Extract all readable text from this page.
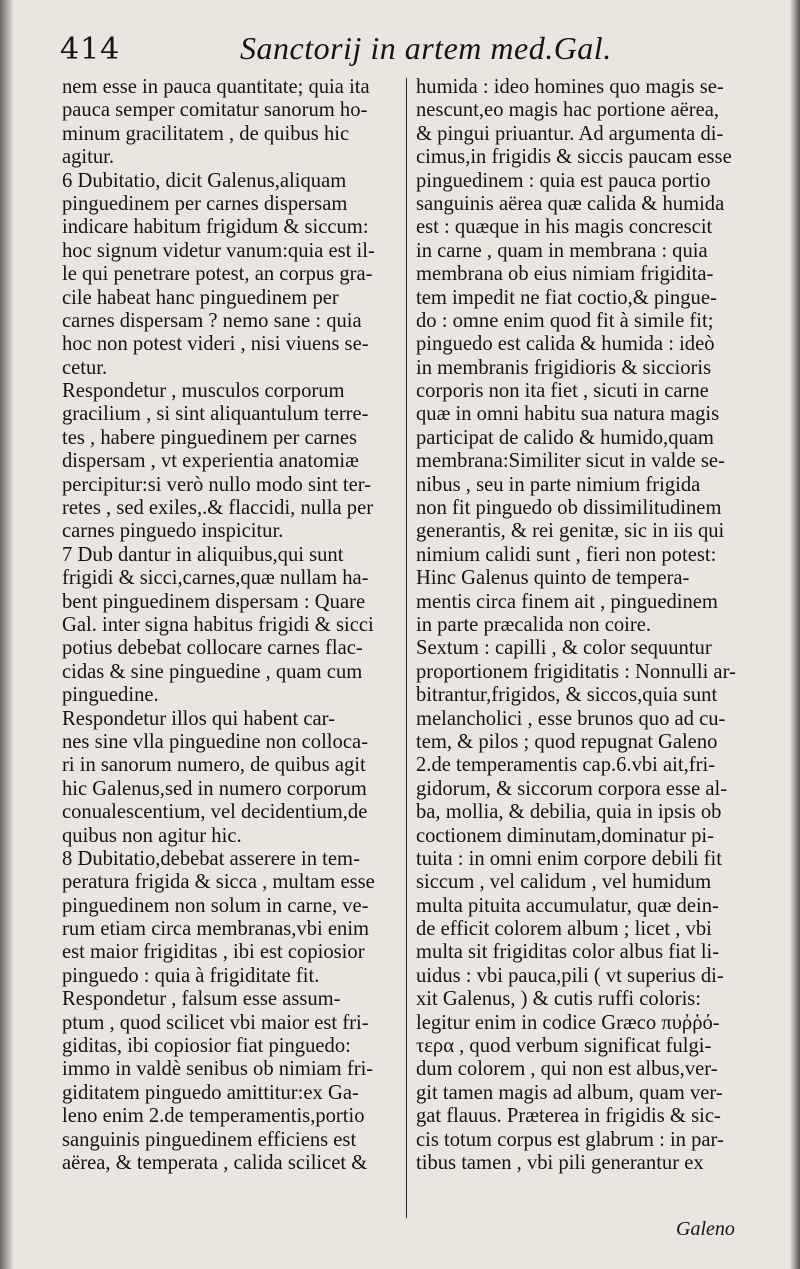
414	Sanctorij in artem med.Gal.
nem esse in pauca quantitate; quia ita
pauca semper comitatur sanorum ho-
minum gracilitatem , de quibus hic
agitur.
6 Dubitatio, dicit Galenus,aliquam
pinguedinem per carnes dispersam
indicare habitum frigidum & siccum:
hoc signum videtur vanum:quia est il-
le qui penetrare potest, an corpus gra-
cile habeat hanc pinguedinem per
carnes dispersam ? nemo sane : quia
hoc non potest videri , nisi viuens se-
cetur.
Respondetur , musculos corporum
gracilium , si sint aliquantulum terre-
tes , habere pinguedinem per carnes
dispersam , vt experientia anatomiæ
percipitur:si verò nullo modo sint ter-
retes , sed exiles,.& flaccidi, nulla per
carnes pinguedo inspicitur.
7 Dub dantur in aliquibus,qui sunt
frigidi & sicci,carnes,quæ nullam ha-
bent pinguedinem dispersam : Quare
Gal. inter signa habitus frigidi & sicci
potius debebat collocare carnes flac-
cidas & sine pinguedine , quam cum
pinguedine.
Respondetur illos qui habent car-
nes sine vlla pinguedine non colloca-
ri in sanorum numero, de quibus agit
hic Galenus,sed in numero corporum
conualescentium, vel decidentium,de
quibus non agitur hic.
8 Dubitatio,debebat asserere in tem-
peratura frigida & sicca , multam esse
pinguedinem non solum in carne, ve-
rum etiam circa membranas,vbi enim
est maior frigiditas , ibi est copiosior
pinguedo : quia à frigiditate fit.
Respondetur , falsum esse assum-
ptum , quod scilicet vbi maior est fri-
giditas, ibi copiosior fiat pinguedo:
immo in valdè senibus ob nimiam fri-
giditatem pinguedo amittitur:ex Ga-
leno enim 2.de temperamentis,portio
sanguinis pinguedinem efficiens est
aërea, & temperata , calida scilicet &
humida : ideo homines quo magis se-
nescunt,eo magis hac portione aërea,
& pingui priuantur. Ad argumenta di-
cimus,in frigidis & siccis paucam esse
pinguedinem : quia est pauca portio
sanguinis aërea quæ calida & humida
est : quæque in his magis concrescit
in carne , quam in membrana : quia
membrana ob eius nimiam frigidita-
tem impedit ne fiat coctio,& pingue-
do : omne enim quod fit à simile fit;
pinguedo est calida & humida : ideò
in membranis frigidioris & siccioris
corporis non ita fiet , sicuti in carne
quæ in omni habitu sua natura magis
participat de calido & humido,quam
membrana:Similiter sicut in valde se-
nibus , seu in parte nimium frigida
non fit pinguedo ob dissimilitudinem
generantis, & rei genitæ, sic in iis qui
nimium calidi sunt , fieri non potest:
Hinc Galenus quinto de tempera-
mentis circa finem ait , pinguedinem
in parte præcalida non coire.
Sextum : capilli , & color sequuntur
proportionem frigiditatis : Nonnulli ar-
bitrantur,frigidos, & siccos,quia sunt
melancholici , esse brunos quo ad cu-
tem, & pilos ; quod repugnat Galeno
2.de temperamentis cap.6.vbi ait,fri-
gidorum, & siccorum corpora esse al-
ba, mollia, & debilia, quia in ipsis ob
coctionem diminutam,dominatur pi-
tuita : in omni enim corpore debili fit
siccum , vel calidum , vel humidum
multa pituita accumulatur, quæ dein-
de efficit colorem album ; licet , vbi
multa sit frigiditas color albus fiat li-
uidus : vbi pauca,pili ( vt superius di-
xit Galenus, ) & cutis ruffi coloris:
legitur enim in codice Græco πυῤῥό-
τερα , quod verbum significat fulgi-
dum colorem , qui non est albus,ver-
git tamen magis ad album, quam ver-
gat flauus. Præterea in frigidis & sic-
cis totum corpus est glabrum : in par-
tibus tamen , vbi pili generantur ex
Galeno
